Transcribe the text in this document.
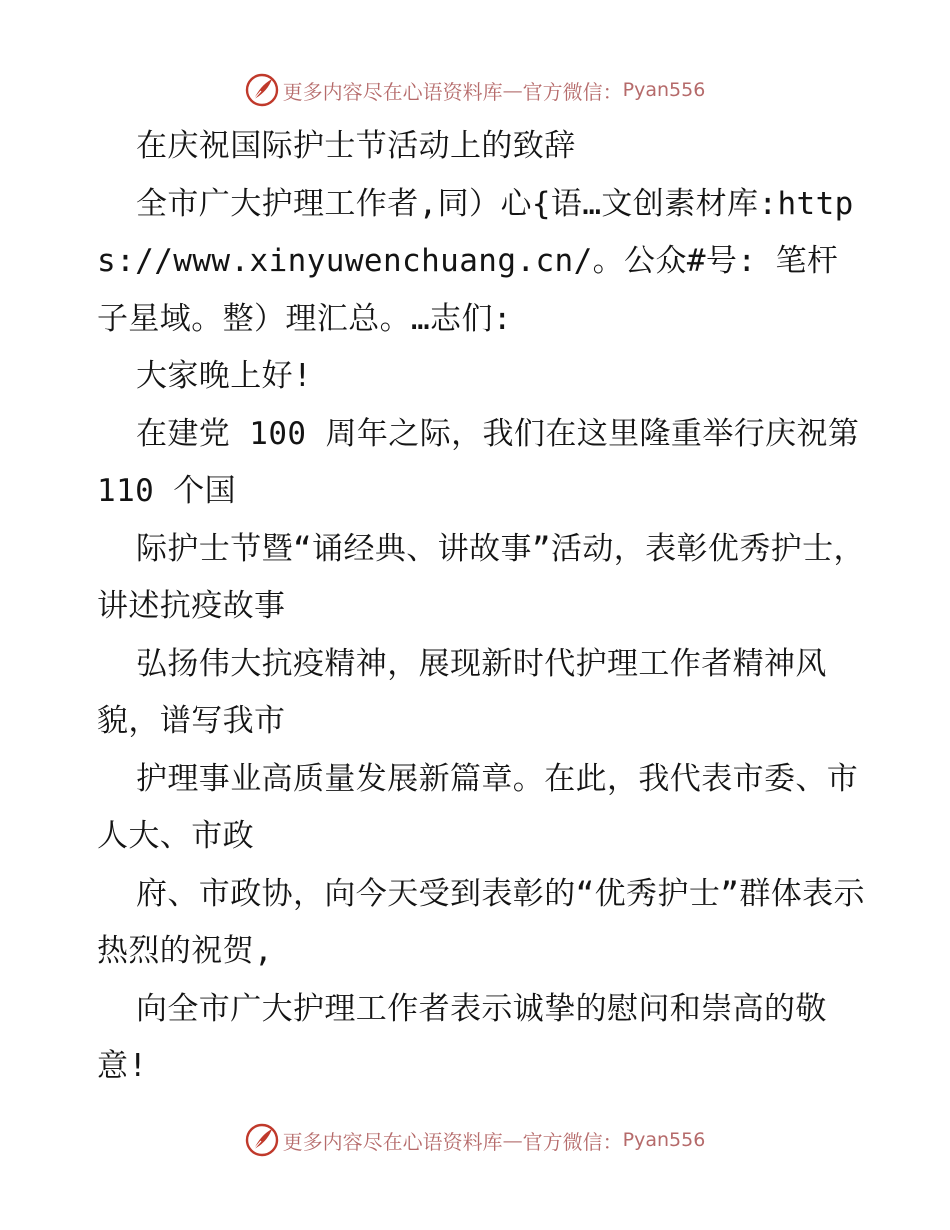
更多内容尽在心语资料库 — 官方微信： Pyan556

在庆祝国际护士节活动上的致辞

全市广大护理工作者,同）心{语…文创素材库:https://www.xinyuwenchuang.cn/。公众#号: 笔杆子星域。整）理汇总。…志们:

大家晚上好!

在建党 100 周年之际，我们在这里隆重举行庆祝第 110 个国

际护士节暨“诵经典、讲故事”活动，表彰优秀护士，讲述抗疫故事

弘扬伟大抗疫精神，展现新时代护理工作者精神风貌，谱写我市

护理事业高质量发展新篇章。在此，我代表市委、市人大、市政

府、市政协，向今天受到表彰的“优秀护士”群体表示热烈的祝贺,

向全市广大护理工作者表示诚挚的慰问和崇高的敬意!

更多内容尽在心语资料库 — 官方微信： Pyan556
